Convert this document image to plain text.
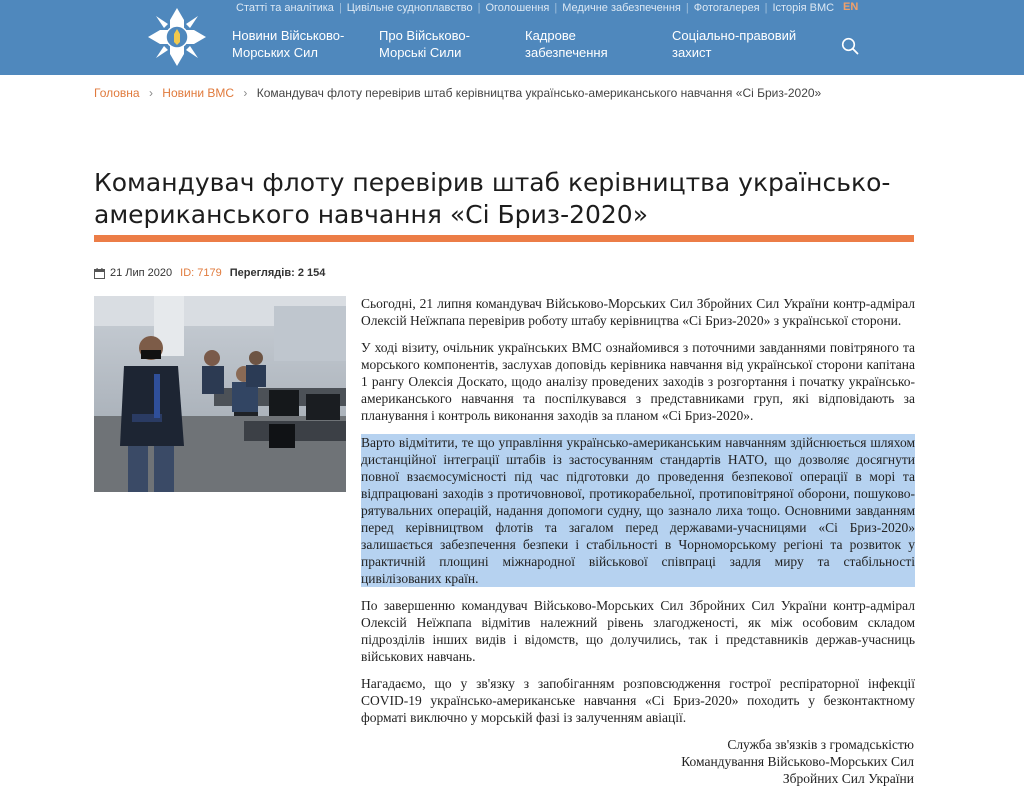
Статті та аналітика | Цивільне судноплавство | Оголошення | Медичне забезпечення | Фотогалерея | Історія ВМС EN
Новини Військово-
Морських Сил
Про Військово-
Морські Сили
Кадрове
забезпечення
Соціально-правовий
захист
Головна › Новини ВМС › Командувач флоту перевірив штаб керівництва українсько-американського навчання «Сі Бриз-2020»
Командувач флоту перевірив штаб керівництва українсько-
американського навчання «Сі Бриз-2020»
21 Лип 2020 ID: 7179 Переглядів: 2 154

Сьогодні, 21 липня командувач Військово-Морських Сил Збройних Сил України контр-адмірал Олексій Неїжпапа перевірив роботу штабу керівництва «Сі Бриз-2020» з української сторони.

У ході візиту, очільник українських ВМС ознайомився з поточними завданнями повітряного та морського компонентів, заслухав доповідь керівника навчання від української сторони капітана 1 рангу Олексія Доскато, щодо аналізу проведених заходів з розгортання і початку українсько-американського навчання та поспілкувався з представниками груп, які відповідають за планування і контроль виконання заходів за планом «Сі Бриз-2020».

Варто відмітити, те що управління українсько-американським навчанням здійснюється шляхом дистанційної інтеграції штабів із застосуванням стандартів НАТО, що дозволяє досягнути повної взаємосумісності під час підготовки до проведення безпекової операції в морі та відпрацювані заходів з протичовнової, протикорабельної, протиповітряної оборони, пошуково-рятувальних операцій, надання допомоги судну, що зазнало лиха тощо. Основними завданням перед керівництвом флотів та загалом перед державами-учасницями «Сі Бриз-2020» залишається забезпечення безпеки і стабільності в Чорноморському регіоні та розвиток у практичній площині міжнародної військової співпраці задля миру та стабільності цивілізованих країн.

По завершенню командувач Військово-Морських Сил Збройних Сил України контр-адмірал Олексій Неїжпапа відмітив належний рівень злагодженості, як між особовим складом підрозділів інших видів і відомств, що долучились, так і представників держав-учасниць військових навчань.

Нагадаємо, що у зв'язку з запобіганням розповсюдження гострої респіраторної інфекції COVID-19 українсько-американське навчання «Сі Бриз-2020» походить у безконтактному форматі виключно у морській фазі із залученням авіації.

Служба зв'язків з громадськістю
Командування Військово-Морських Сил
Збройних Сил України
